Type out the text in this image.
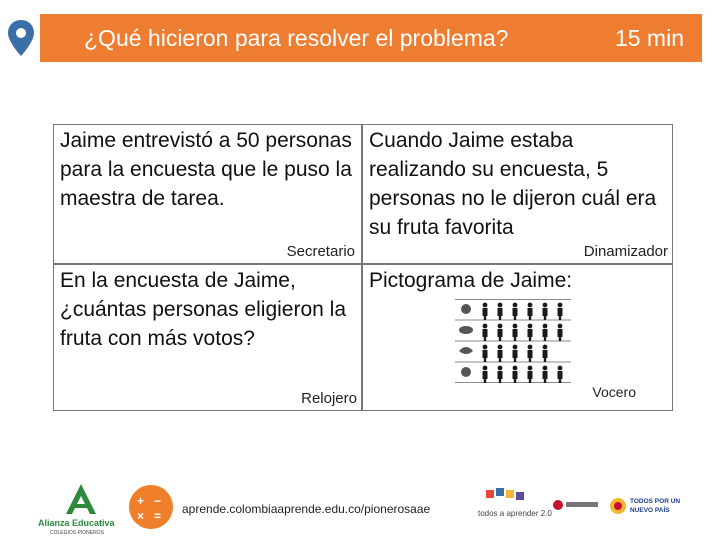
¿Qué hicieron para resolver el problema?	15 min
Jaime entrevistó a 50 personas para la encuesta que le puso la maestra de tarea.
Secretario
Cuando Jaime estaba realizando su encuesta, 5 personas no le dijeron cuál era su fruta favorita
Dinamizador
En la encuesta de Jaime, ¿cuántas personas eligieron la fruta con más votos?
Relojero
Pictograma de Jaime:
Vocero
Alianza Educativa
COLEGIOS PIONEROS
+ −
× = aprende.colombiaaprende.edu.co/pionerosaae	todos a aprender 2.0
TODOS POR UN
NUEVO PAÍS
